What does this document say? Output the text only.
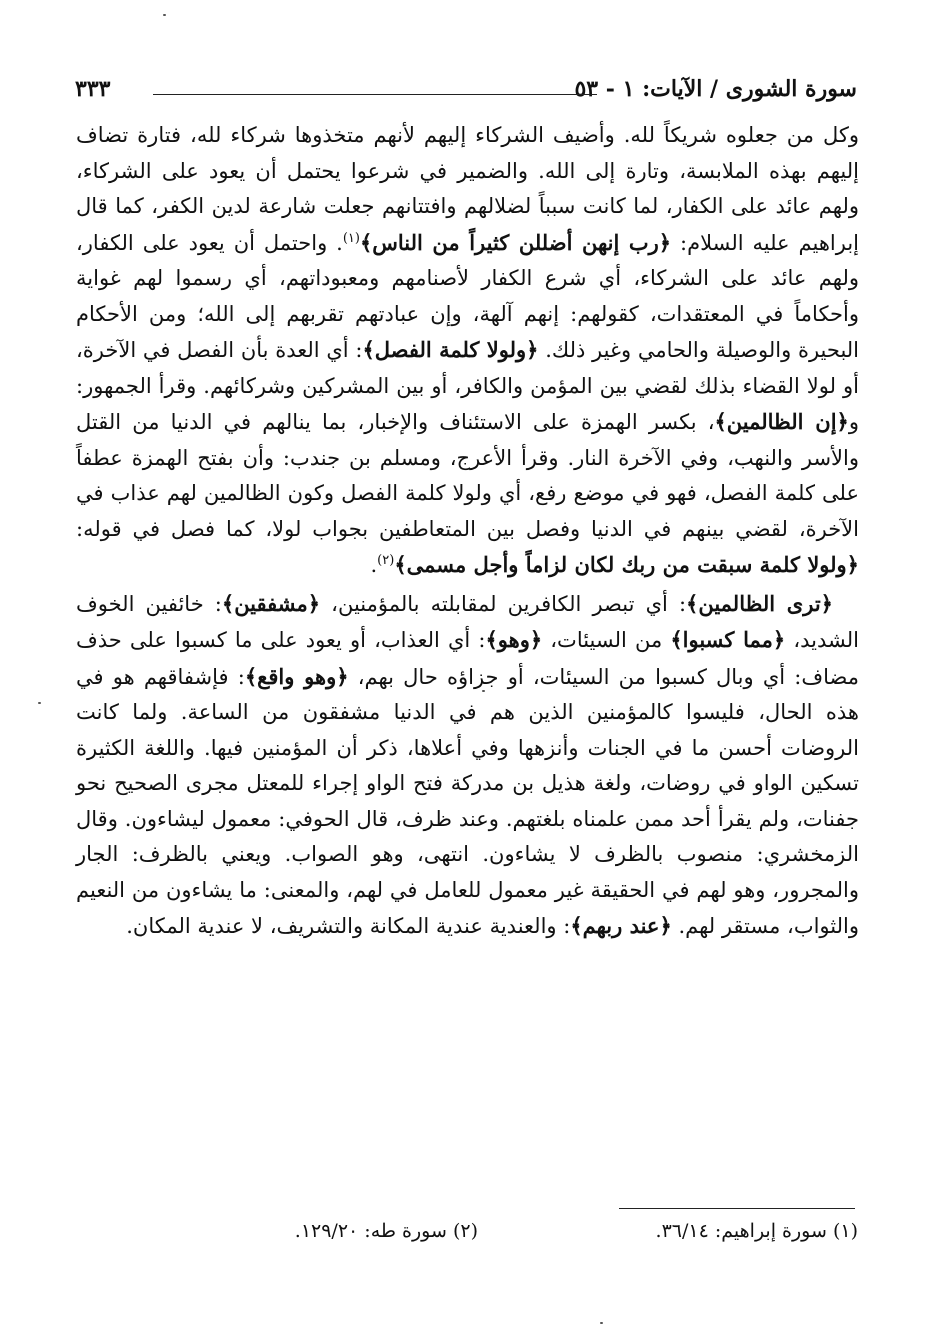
سورة الشورى / الآيات: ١ - ٥٣
٣٣٣

وكل من جعلوه شريكاً لله. وأضيف الشركاء إليهم لأنهم متخذوها شركاء لله، فتارة تضاف إليهم بهذه الملابسة، وتارة إلى الله. والضمير في شرعوا يحتمل أن يعود على الشركاء، ولهم عائد على الكفار، لما كانت سبباً لضلالهم وافتتانهم جعلت شارعة لدين الكفر، كما قال إبراهيم عليه السلام: ﴿رب إنهن أضللن كثيراً من الناس﴾$^{(١)}$. واحتمل أن يعود على الكفار، ولهم عائد على الشركاء، أي شرع الكفار لأصنامهم ومعبوداتهم، أي رسموا لهم غواية وأحكاماً في المعتقدات، كقولهم: إنهم آلهة، وإن عبادتهم تقربهم إلى الله؛ ومن الأحكام البحيرة والوصيلة والحامي وغير ذلك. ﴿ولولا كلمة الفصل﴾: أي العدة بأن الفصل في الآخرة، أو لولا القضاء بذلك لقضي بين المؤمن والكافر، أو بين المشركين وشركائهم. وقرأ الجمهور: و﴿إن الظالمين﴾، بكسر الهمزة على الاستئناف والإخبار، بما ينالهم في الدنيا من القتل والأسر والنهب، وفي الآخرة النار. وقرأ الأعرج، ومسلم بن جندب: وأن بفتح الهمزة عطفاً على كلمة الفصل، فهو في موضع رفع، أي ولولا كلمة الفصل وكون الظالمين لهم عذاب في الآخرة، لقضي بينهم في الدنيا وفصل بين المتعاطفين بجواب لولا، كما فصل في قوله: ﴿ولولا كلمة سبقت من ربك لكان لزاماً وأجل مسمى﴾$^{(٢)}$.

﴿ترى الظالمين﴾: أي تبصر الكافرين لمقابلته بالمؤمنين، ﴿مشفقين﴾: خائفين الخوف الشديد، ﴿مما كسبوا﴾ من السيئات، ﴿وهو﴾: أي العذاب، أو يعود على ما كسبوا على حذف مضاف: أي وبال كسبوا من السيئات، أو جزاؤه حال بهم، ﴿وهو واقع﴾: فإشفاقهم هو في هذه الحال، فليسوا كالمؤمنين الذين هم في الدنيا مشفقون من الساعة. ولما كانت الروضات أحسن ما في الجنات وأنزهها وفي أعلاها، ذكر أن المؤمنين فيها. واللغة الكثيرة تسكين الواو في روضات، ولغة هذيل بن مدركة فتح الواو إجراء للمعتل مجرى الصحيح نحو جفنات، ولم يقرأ أحد ممن علمناه بلغتهم. وعند ظرف، قال الحوفي: معمول ليشاءون. وقال الزمخشري: منصوب بالظرف لا يشاءون. انتهى، وهو الصواب. ويعني بالظرف: الجار والمجرور، وهو لهم في الحقيقة غير معمول للعامل في لهم، والمعنى: ما يشاءون من النعيم والثواب، مستقر لهم. ﴿عند ربهم﴾: والعندية عندية المكانة والتشريف، لا عندية المكان.

(١) سورة إبراهيم: ٣٦/١٤.
(٢) سورة طه: ١٢٩/٢٠.
